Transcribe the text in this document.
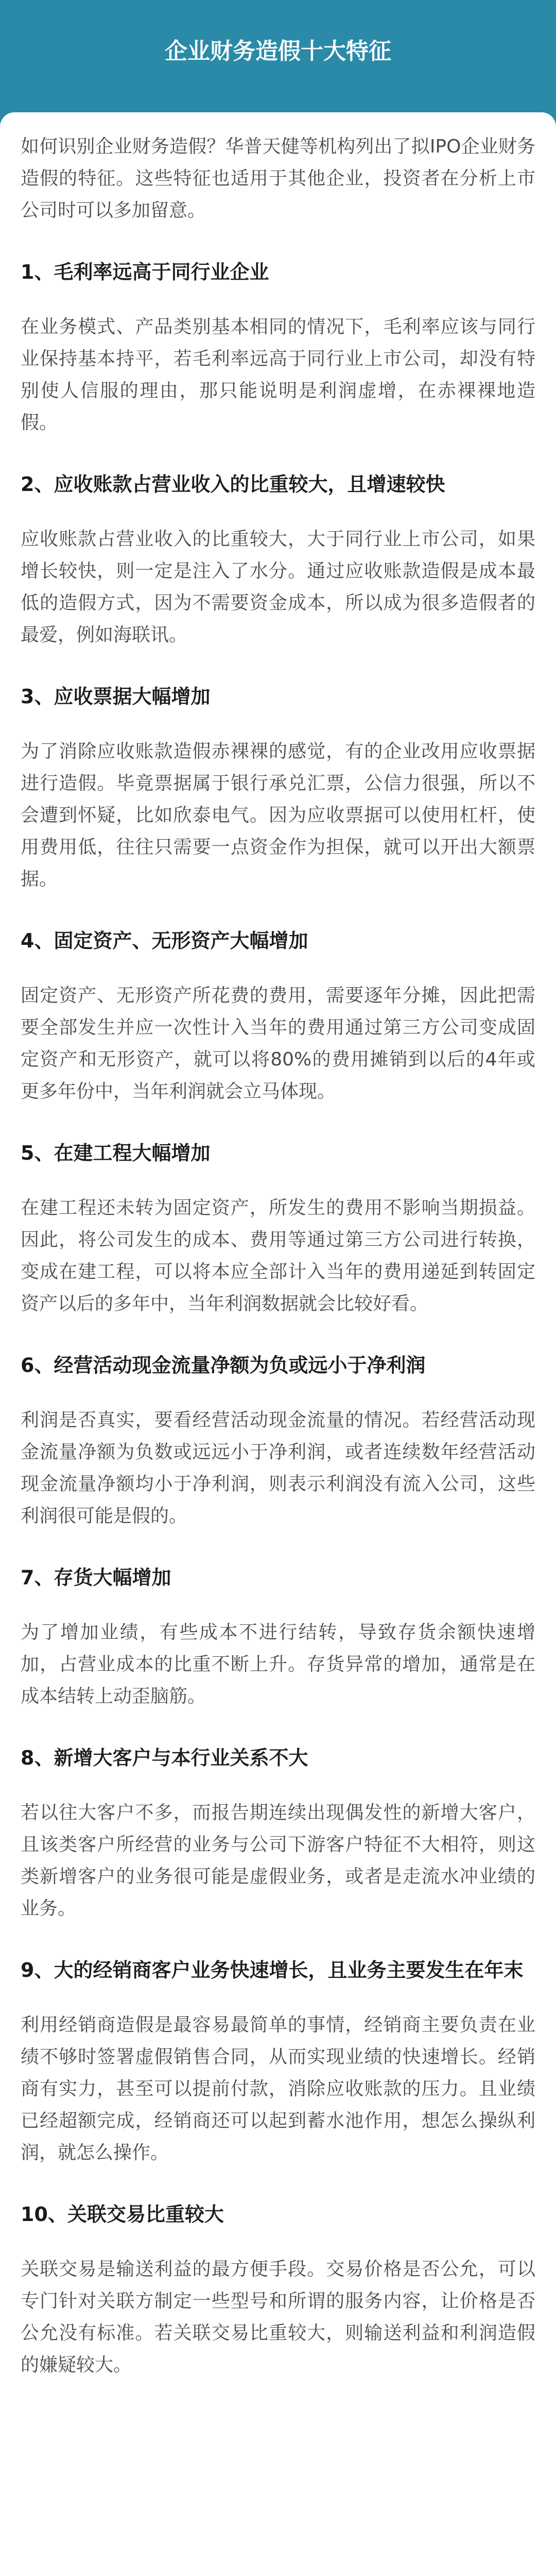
企业财务造假十大特征

如何识别企业财务造假？华普天健等机构列出了拟IPO企业财务造假的特征。这些特征也适用于其他企业，投资者在分析上市公司时可以多加留意。

1、毛利率远高于同行业企业

在业务模式、产品类别基本相同的情况下，毛利率应该与同行业保持基本持平，若毛利率远高于同行业上市公司，却没有特别使人信服的理由，那只能说明是利润虚增，在赤裸裸地造假。

2、应收账款占营业收入的比重较大，且增速较快

应收账款占营业收入的比重较大，大于同行业上市公司，如果增长较快，则一定是注入了水分。通过应收账款造假是成本最低的造假方式，因为不需要资金成本，所以成为很多造假者的最爱，例如海联讯。

3、应收票据大幅增加

为了消除应收账款造假赤裸裸的感觉，有的企业改用应收票据进行造假。毕竟票据属于银行承兑汇票，公信力很强，所以不会遭到怀疑，比如欣泰电气。因为应收票据可以使用杠杆，使用费用低，往往只需要一点资金作为担保，就可以开出大额票据。

4、固定资产、无形资产大幅增加

固定资产、无形资产所花费的费用，需要逐年分摊，因此把需要全部发生并应一次性计入当年的费用通过第三方公司变成固定资产和无形资产，就可以将80%的费用摊销到以后的4年或更多年份中，当年利润就会立马体现。

5、在建工程大幅增加

在建工程还未转为固定资产，所发生的费用不影响当期损益。因此，将公司发生的成本、费用等通过第三方公司进行转换，变成在建工程，可以将本应全部计入当年的费用递延到转固定资产以后的多年中，当年利润数据就会比较好看。

6、经营活动现金流量净额为负或远小于净利润

利润是否真实，要看经营活动现金流量的情况。若经营活动现金流量净额为负数或远远小于净利润，或者连续数年经营活动现金流量净额均小于净利润，则表示利润没有流入公司，这些利润很可能是假的。

7、存货大幅增加

为了增加业绩，有些成本不进行结转，导致存货余额快速增加，占营业成本的比重不断上升。存货异常的增加，通常是在成本结转上动歪脑筋。

8、新增大客户与本行业关系不大

若以往大客户不多，而报告期连续出现偶发性的新增大客户，且该类客户所经营的业务与公司下游客户特征不大相符，则这类新增客户的业务很可能是虚假业务，或者是走流水冲业绩的业务。

9、大的经销商客户业务快速增长，且业务主要发生在年末

利用经销商造假是最容易最简单的事情，经销商主要负责在业绩不够时签署虚假销售合同，从而实现业绩的快速增长。经销商有实力，甚至可以提前付款，消除应收账款的压力。且业绩已经超额完成，经销商还可以起到蓄水池作用，想怎么操纵利润，就怎么操作。

10、关联交易比重较大

关联交易是输送利益的最方便手段。交易价格是否公允，可以专门针对关联方制定一些型号和所谓的服务内容，让价格是否公允没有标准。若关联交易比重较大，则输送利益和利润造假的嫌疑较大。
